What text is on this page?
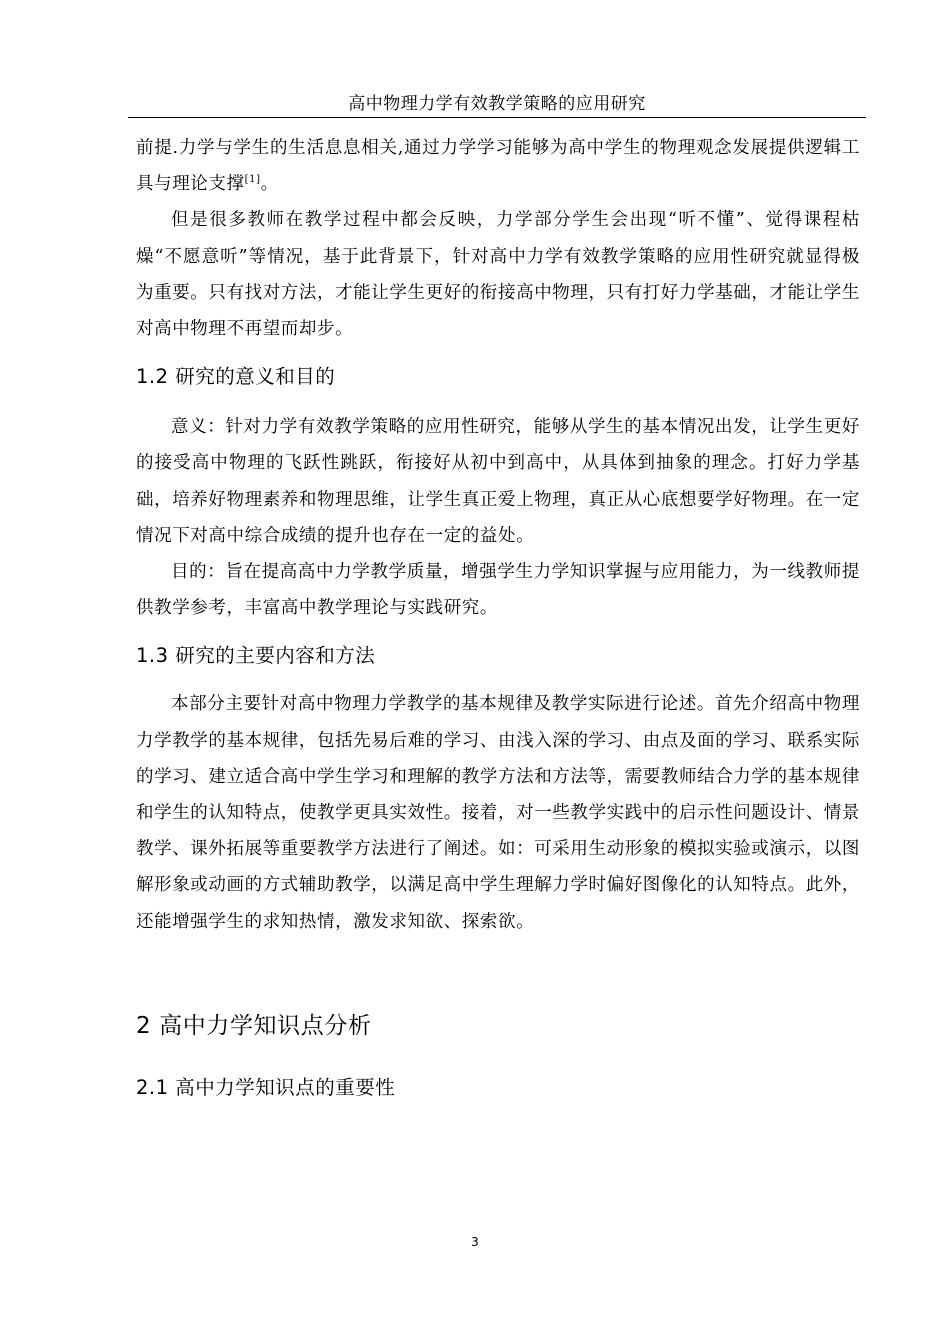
高中物理力学有效教学策略的应用研究

前提.力学与学生的生活息息相关,通过力学学习能够为高中学生的物理观念发展提供逻辑工具与理论支撑[1]。

但是很多教师在教学过程中都会反映，力学部分学生会出现“听不懂”、觉得课程枯燥“不愿意听”等情况，基于此背景下，针对高中力学有效教学策略的应用性研究就显得极为重要。只有找对方法，才能让学生更好的衔接高中物理，只有打好力学基础，才能让学生对高中物理不再望而却步。

1.2 研究的意义和目的

意义：针对力学有效教学策略的应用性研究，能够从学生的基本情况出发，让学生更好的接受高中物理的飞跃性跳跃，衔接好从初中到高中，从具体到抽象的理念。打好力学基础，培养好物理素养和物理思维，让学生真正爱上物理，真正从心底想要学好物理。在一定情况下对高中综合成绩的提升也存在一定的益处。

目的：旨在提高高中力学教学质量，增强学生力学知识掌握与应用能力，为一线教师提供教学参考，丰富高中教学理论与实践研究。

1.3 研究的主要内容和方法

本部分主要针对高中物理力学教学的基本规律及教学实际进行论述。首先介绍高中物理力学教学的基本规律，包括先易后难的学习、由浅入深的学习、由点及面的学习、联系实际的学习、建立适合高中学生学习和理解的教学方法和方法等，需要教师结合力学的基本规律和学生的认知特点，使教学更具实效性。接着，对一些教学实践中的启示性问题设计、情景教学、课外拓展等重要教学方法进行了阐述。如：可采用生动形象的模拟实验或演示，以图解形象或动画的方式辅助教学，以满足高中学生理解力学时偏好图像化的认知特点。此外，还能增强学生的求知热情，激发求知欲、探索欲。

2 高中力学知识点分析
2.1 高中力学知识点的重要性
3
